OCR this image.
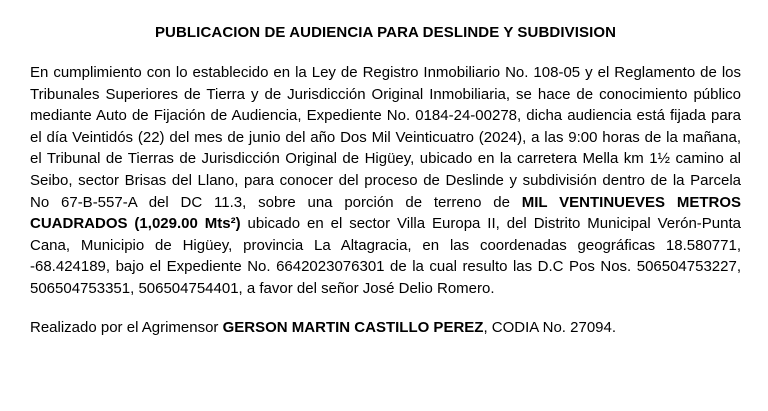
PUBLICACION DE AUDIENCIA PARA DESLINDE Y SUBDIVISION

En cumplimiento con lo establecido en la Ley de Registro Inmobiliario No. 108-05 y el Reglamento de los Tribunales Superiores de Tierra y de Jurisdicción Original Inmobiliaria, se hace de conocimiento público mediante Auto de Fijación de Audiencia, Expediente No. 0184-24-00278, dicha audiencia está fijada para el día Veintidós (22) del mes de junio del año Dos Mil Veinticuatro (2024), a las 9:00 horas de la mañana, el Tribunal de Tierras de Jurisdicción Original de Higüey, ubicado en la carretera Mella km 1½ camino al Seibo, sector Brisas del Llano, para conocer del proceso de Deslinde y subdivisión dentro de la Parcela No 67-B-557-A del DC 11.3, sobre una porción de terreno de MIL VENTINUEVES METROS CUADRADOS (1,029.00 Mts²) ubicado en el sector Villa Europa II, del Distrito Municipal Verón-Punta Cana, Municipio de Higüey, provincia La Altagracia, en las coordenadas geográficas 18.580771, -68.424189, bajo el Expediente No. 6642023076301 de la cual resulto las D.C Pos Nos. 506504753227, 506504753351, 506504754401, a favor del señor José Delio Romero.

Realizado por el Agrimensor GERSON MARTIN CASTILLO PEREZ, CODIA No. 27094.
